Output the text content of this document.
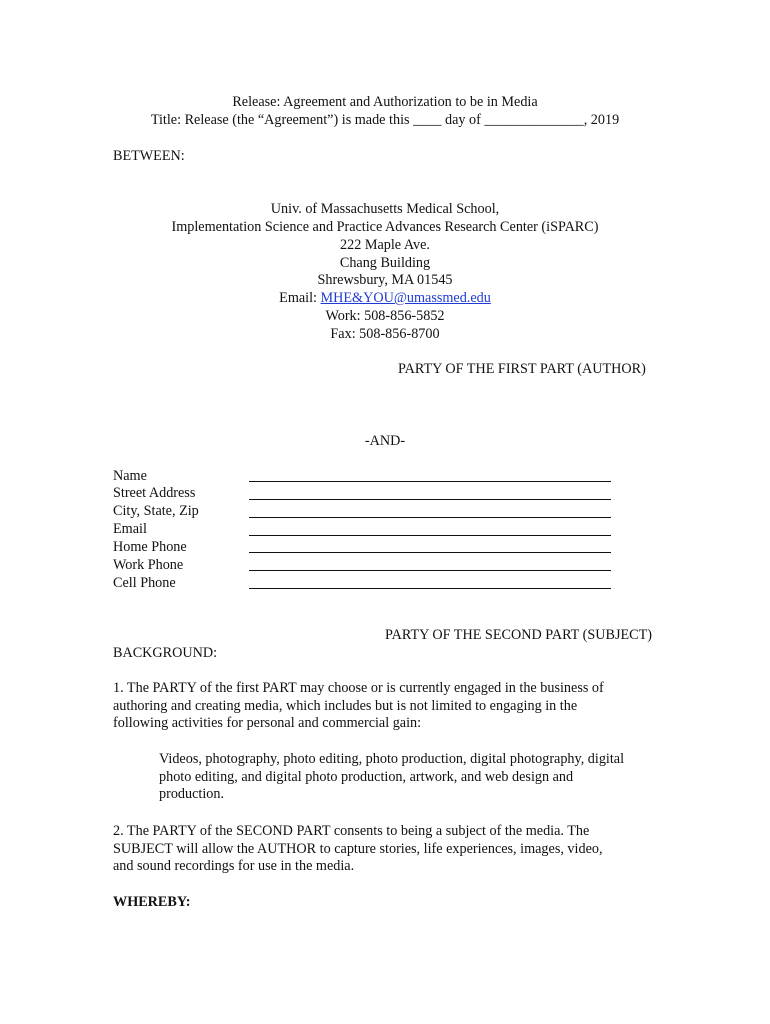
Release: Agreement and Authorization to be in Media
Title: Release (the “Agreement”) is made this ____ day of ______________, 2019
BETWEEN:
Univ. of Massachusetts Medical School,
Implementation Science and Practice Advances Research Center (iSPARC)
222 Maple Ave.
Chang Building
Shrewsbury, MA 01545
Email: MHE&YOU@umassmed.edu
Work: 508-856-5852
Fax: 508-856-8700
PARTY OF THE FIRST PART (AUTHOR)
-AND-
Name
Street Address
City, State, Zip
Email
Home Phone
Work Phone
Cell Phone
PARTY OF THE SECOND PART (SUBJECT)
BACKGROUND:
1. The PARTY of the first PART may choose or is currently engaged in the business of
authoring and creating media, which includes but is not limited to engaging in the
following activities for personal and commercial gain:
Videos, photography, photo editing, photo production, digital photography, digital
photo editing, and digital photo production, artwork, and web design and
production.
2. The PARTY of the SECOND PART consents to being a subject of the media. The
SUBJECT will allow the AUTHOR to capture stories, life experiences, images, video,
and sound recordings for use in the media.
WHEREBY:
